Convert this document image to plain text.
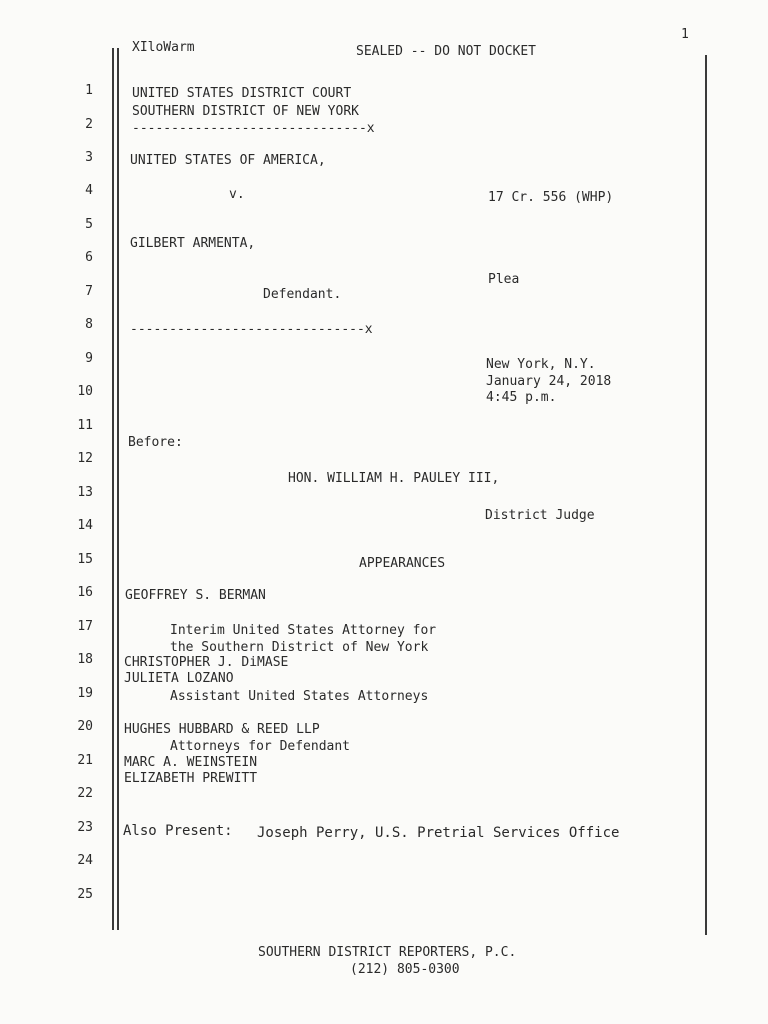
1
XIloWarm	SEALED -- DO NOT DOCKET
1
2
3
4
5
6
7
8
9
10
11
12
13
14
15
16
17
18
19
20
21
22
23
24
25
UNITED STATES DISTRICT COURT
SOUTHERN DISTRICT OF NEW YORK
------------------------------x
UNITED STATES OF AMERICA,
v.	17 Cr. 556 (WHP)
GILBERT ARMENTA,
Plea
Defendant.
------------------------------x
New York, N.Y.
January 24, 2018
4:45 p.m.
Before:
HON. WILLIAM H. PAULEY III,
District Judge
APPEARANCES
GEOFFREY S. BERMAN
Interim United States Attorney for
the Southern District of New York
CHRISTOPHER J. DiMASE
JULIETA LOZANO
Assistant United States Attorneys
HUGHES HUBBARD & REED LLP
Attorneys for Defendant
MARC A. WEINSTEIN
ELIZABETH PREWITT
Also Present: Joseph Perry, U.S. Pretrial Services Office
SOUTHERN DISTRICT REPORTERS, P.C.
(212) 805-0300
